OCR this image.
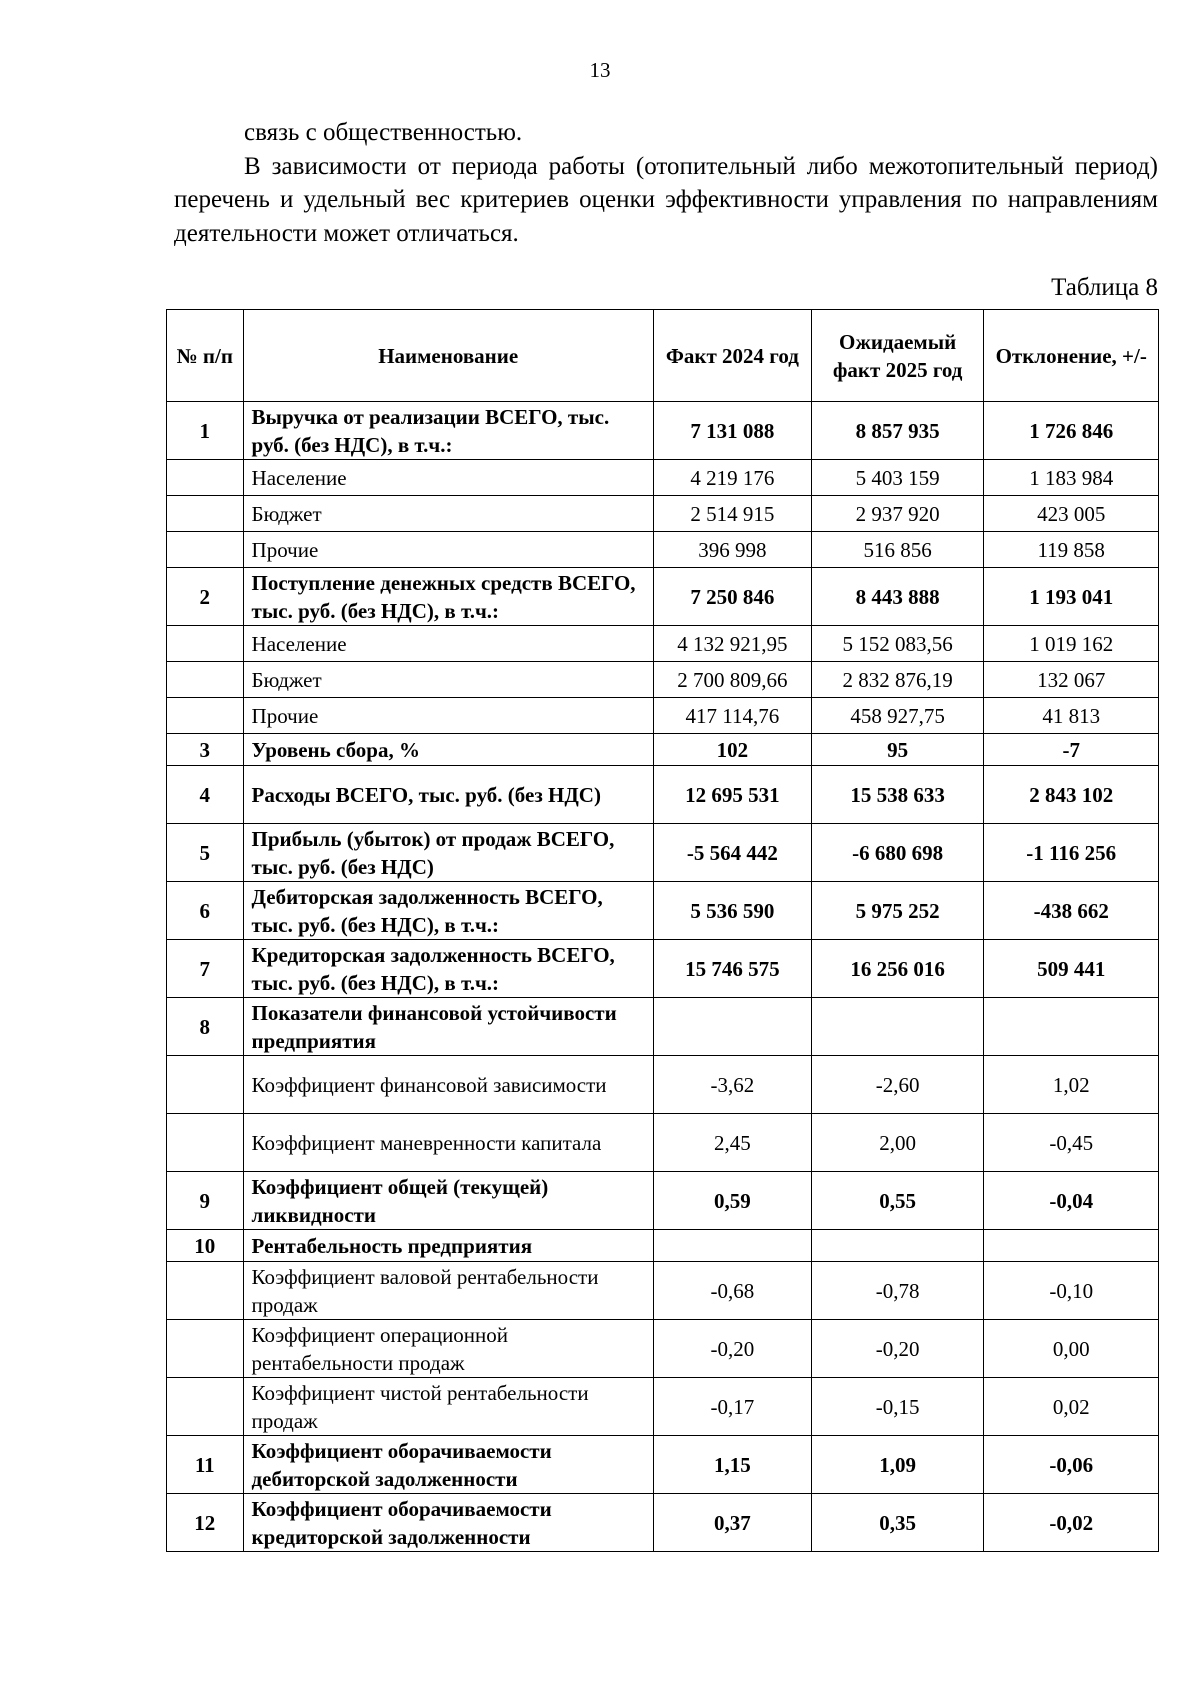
13

связь с общественностью.

В зависимости от периода работы (отопительный либо межотопительный период) перечень и удельный вес критериев оценки эффективности управления по направлениям деятельности может отличаться.

Таблица 8
№ п/п	Наименование	Факт 2024 год	Ожидаемый факт 2025 год	Отклонение, +/-
1	Выручка от реализации ВСЕГО, тыс. руб. (без НДС), в т.ч.:	7 131 088	8 857 935	1 726 846
	Население	4 219 176	5 403 159	1 183 984
	Бюджет	2 514 915	2 937 920	423 005
	Прочие	396 998	516 856	119 858
2	Поступление денежных средств ВСЕГО, тыс. руб. (без НДС), в т.ч.:	7 250 846	8 443 888	1 193 041
	Население	4 132 921,95	5 152 083,56	1 019 162
	Бюджет	2 700 809,66	2 832 876,19	132 067
	Прочие	417 114,76	458 927,75	41 813
3	Уровень сбора, %	102	95	-7
4	Расходы ВСЕГО, тыс. руб. (без НДС)	12 695 531	15 538 633	2 843 102
5	Прибыль (убыток) от продаж ВСЕГО, тыс. руб. (без НДС)	-5 564 442	-6 680 698	-1 116 256
6	Дебиторская задолженность ВСЕГО, тыс. руб. (без НДС), в т.ч.:	5 536 590	5 975 252	-438 662
7	Кредиторская задолженность ВСЕГО, тыс. руб. (без НДС), в т.ч.:	15 746 575	16 256 016	509 441
8	Показатели финансовой устойчивости предприятия			
	Коэффициент финансовой зависимости	-3,62	-2,60	1,02
	Коэффициент маневренности капитала	2,45	2,00	-0,45
9	Коэффициент общей (текущей) ликвидности	0,59	0,55	-0,04
10	Рентабельность предприятия			
	Коэффициент валовой рентабельности продаж	-0,68	-0,78	-0,10
	Коэффициент операционной рентабельности продаж	-0,20	-0,20	0,00
	Коэффициент чистой рентабельности продаж	-0,17	-0,15	0,02
11	Коэффициент оборачиваемости дебиторской задолженности	1,15	1,09	-0,06
12	Коэффициент оборачиваемости кредиторской задолженности	0,37	0,35	-0,02
